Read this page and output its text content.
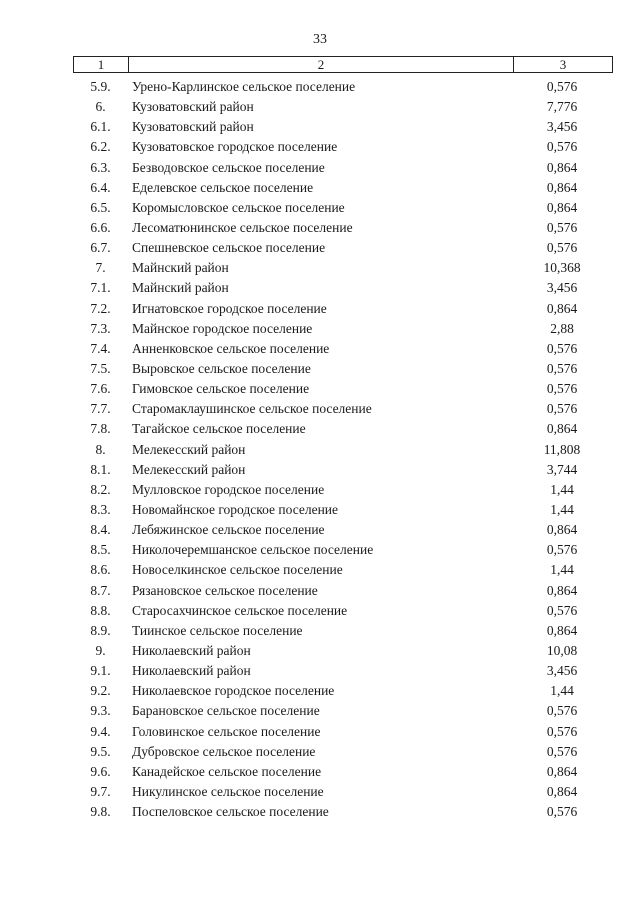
33
1	2	3
5.9.	Урено-Карлинское сельское поселение	0,576
6.	Кузоватовский район	7,776
6.1.	Кузоватовский район	3,456
6.2.	Кузоватовское городское поселение	0,576
6.3.	Безводовское сельское поселение	0,864
6.4.	Еделевское сельское поселение	0,864
6.5.	Коромысловское сельское поселение	0,864
6.6.	Лесоматюнинское сельское поселение	0,576
6.7.	Спешневское сельское поселение	0,576
7.	Майнский район	10,368
7.1.	Майнский район	3,456
7.2.	Игнатовское городское поселение	0,864
7.3.	Майнское городское поселение	2,88
7.4.	Анненковское сельское поселение	0,576
7.5.	Выровское сельское поселение	0,576
7.6.	Гимовское сельское поселение	0,576
7.7.	Старомаклаушинское сельское поселение	0,576
7.8.	Тагайское сельское поселение	0,864
8.	Мелекесский район	11,808
8.1.	Мелекесский район	3,744
8.2.	Мулловское городское поселение	1,44
8.3.	Новомайнское городское поселение	1,44
8.4.	Лебяжинское сельское поселение	0,864
8.5.	Николочеремшанское сельское поселение	0,576
8.6.	Новоселкинское сельское поселение	1,44
8.7.	Рязановское сельское поселение	0,864
8.8.	Старосахчинское сельское поселение	0,576
8.9.	Тиинское сельское поселение	0,864
9.	Николаевский район	10,08
9.1.	Николаевский район	3,456
9.2.	Николаевское городское поселение	1,44
9.3.	Барановское сельское поселение	0,576
9.4.	Головинское сельское поселение	0,576
9.5.	Дубровское сельское поселение	0,576
9.6.	Канадейское сельское поселение	0,864
9.7.	Никулинское сельское поселение	0,864
9.8.	Поспеловское сельское поселение	0,576
